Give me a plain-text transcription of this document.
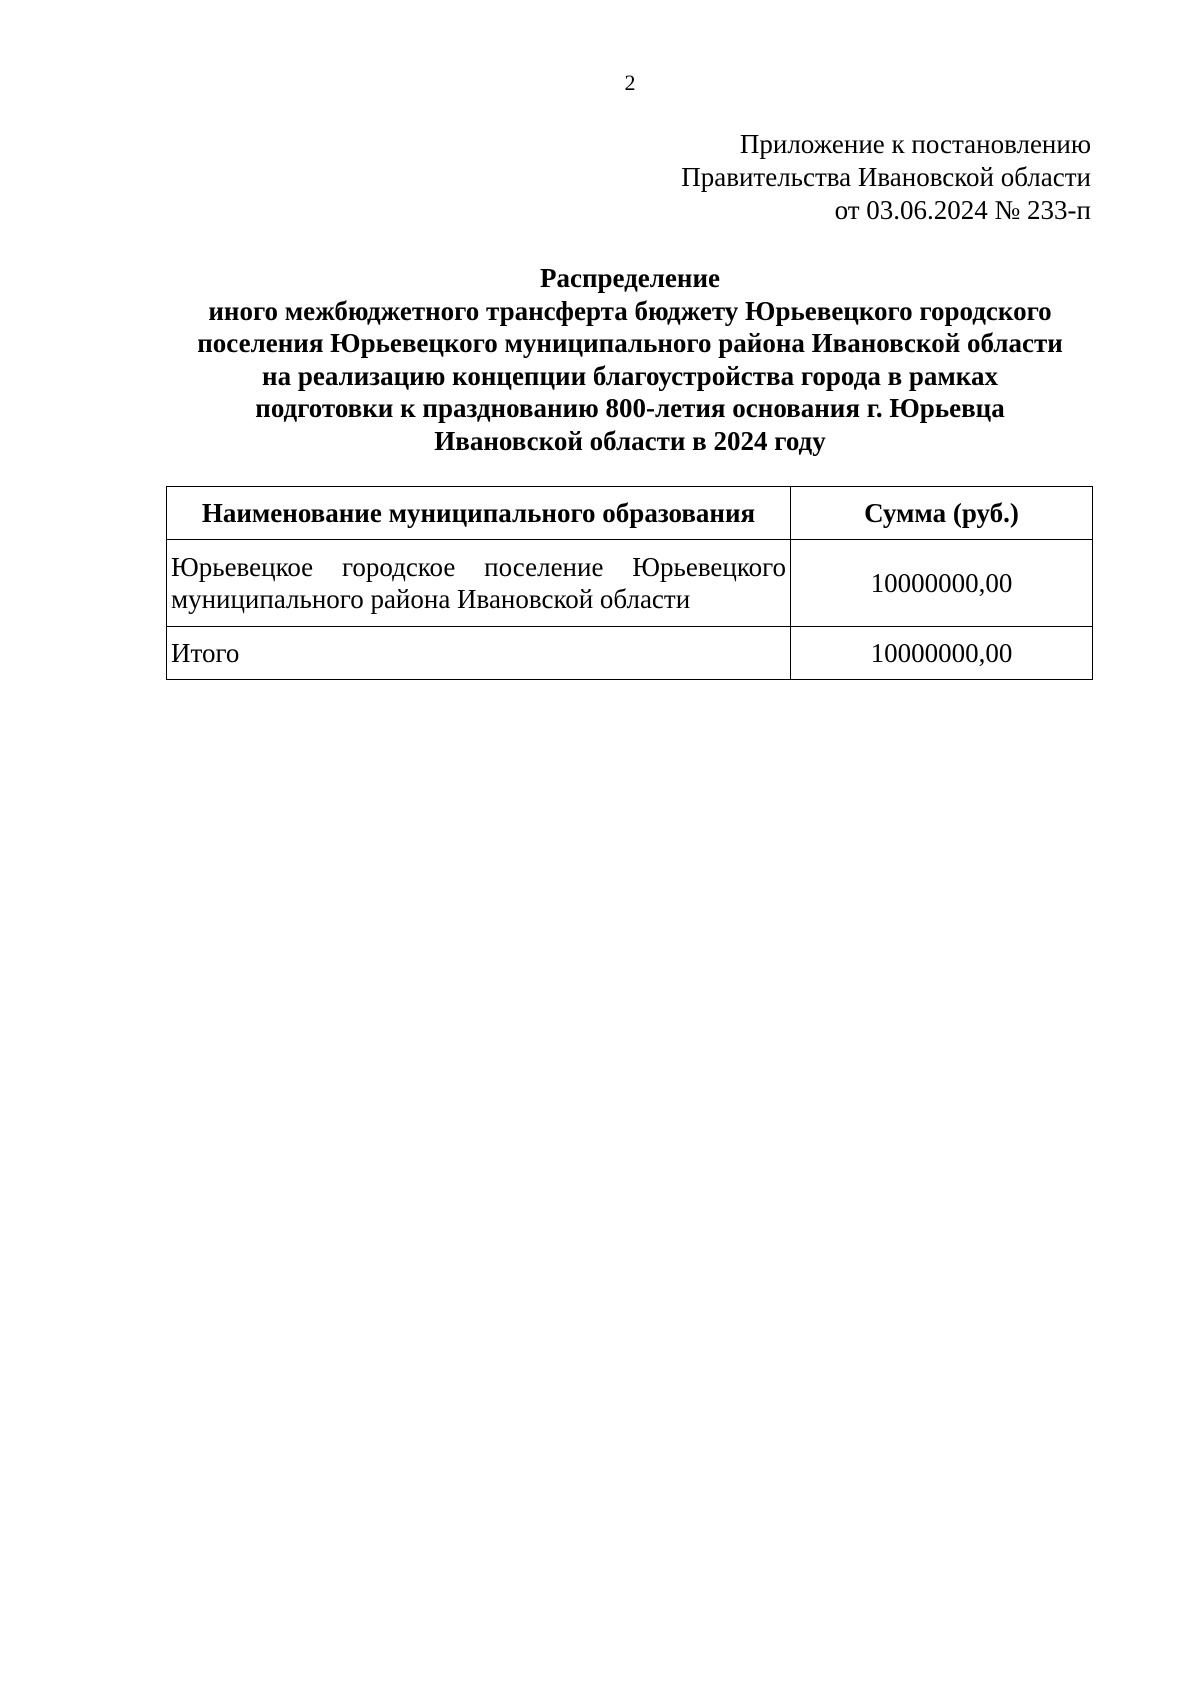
2
Приложение к постановлению
Правительства Ивановской области
от 03.06.2024 № 233-п
Распределение
иного межбюджетного трансферта бюджету Юрьевецкого городского
поселения Юрьевецкого муниципального района Ивановской области
на реализацию концепции благоустройства города в рамках
подготовки к празднованию 800-летия основания г. Юрьевца
Ивановской области в 2024 году
Наименование муниципального образования	Сумма (руб.)
Юрьевецкое городское поселение Юрьевецкого муниципального района Ивановской области	10000000,00
Итого	10000000,00
